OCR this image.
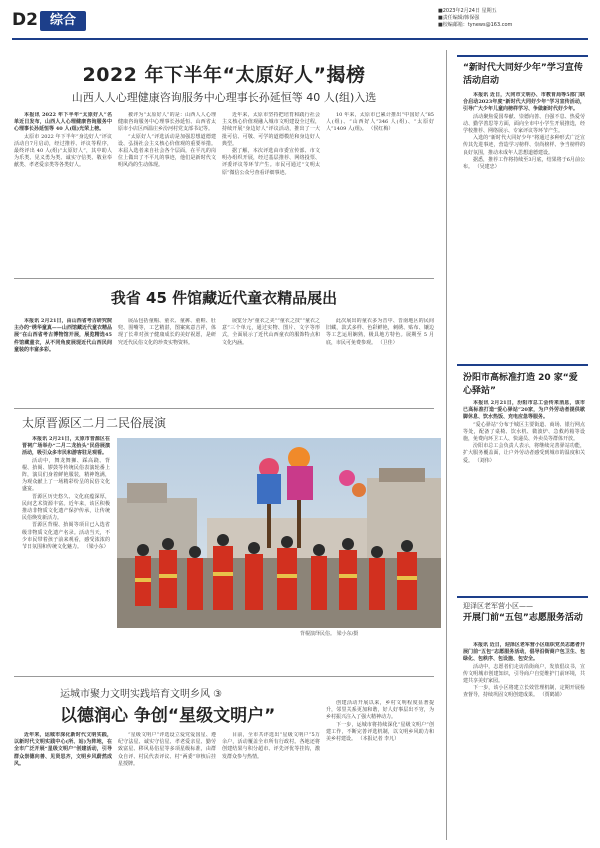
D2 综合
■2023年2月24日 星期五
■责任编辑/韩保强
■校编邮箱：tynews@163.com
2022 年下半年“太原好人”揭榜
山西人人心理健康咨询服务中心理事长孙延恒等 40 人(组)入选

本报讯 2022 年下半年“太原好人”名单近日发布，山西人人心理健康咨询服务中心理事长孙延恒等 40 人(组)光荣上榜。

太原市 2022 年下半年“身边好人”评议活动自7月启动，经过推荐、评议等程序，最终评出 40 人(组)“太原好人”，其中助人为乐类、见义勇为类、诚实守信类、敬业奉献类、孝老爱亲类等各类好人。

被评为“太原好人”的是：山西人人心理健康咨询服务中心理事长孙延恒、山西省太原市小店区西温庄乡汾河村党支部书记等。

“太原好人”评选活动是加强思想道德建设、弘扬社会主义核心价值观的重要举措。本届入选者来自社会各个层面，在平凡的岗位上做出了不平凡的事迹，他们是新时代文明风尚的生动体现。

近年来，太原市坚持把培育和践行社会主义核心价值观融入城市文明建设全过程，持续开展“身边好人”评议活动，推出了一大批可信、可敬、可学的道德模范和身边好人典型。

据了解，本次评选由市委宣传部、市文明办组织开展，经过基层推荐、网络投票、评委评议等环节产生。市民可通过“文明太原”微信公众号查看详细事迹。

10 年来，太原市已累计推出“中国好人”85 人(组)、“山西好人”346 人(组)、“太原好人”1409 人(组)。 （侯红梅）

我省 45 件馆藏近代童衣精品展出

本报讯 2月21日，由山西省考古研究院主办的“绣华童真——山西馆藏近代童衣精品展”在山西省考古博物馆开展，展览精选45件馆藏童衣，从不同角度展现近代山西民间童装的丰富多彩。

展品包括童帽、童衣、童裤、童鞋、肚兜、围嘴等，工艺精湛，图案寓意吉祥，体现了长辈对孩子健康成长的美好祝愿，是研究近代民俗文化的珍贵实物资料。

展览分为“童衣之美”“童衣之技”“童衣之意”三个单元，通过实物、图片、文字等形式，全面展示了近代山西童衣的服饰特点和文化内涵。

此次展出的童衣多为晋中、晋南地区的民间旧藏，款式多样、色彩鲜艳，刺绣、贴布、镶边等工艺运用娴熟，极具地方特色。展期至 5 月底，市民可免费参观。 （卫佳）

太原晋源区二月二民俗展演

本报讯 2月21日，太原市晋源区在晋祠广场举办“二月二龙抬头”民俗展演活动，吸引众多市民和游客驻足观看。

活动中，舞龙舞狮、踩高跷、背棍、抬阁、锣鼓等传统民俗表演轮番上阵，演员们身着鲜艳服装，精神饱满，为观众献上了一场精彩纷呈的民俗文化盛宴。

晋源区历史悠久、文化底蕴深厚，民间艺术资源丰富。近年来，该区积极推动非物质文化遗产保护传承，让传统民俗焕发新活力。

晋源区背棍、抬阁等项目已入选省级非物质文化遗产名录。活动当天，不少市民带着孩子前来观看，感受浓浓的节日氛围和传统文化魅力。 （梁小东）

背棍演绎民俗。 梁小东/摄
运城市聚力文明实践培育文明乡风 ③
以德润心 争创“星级文明户”

近年来，运城市深化新时代文明实践，以新时代文明实践中心(所、站)为阵地，在全市广泛开展“星级文明户”创建活动，引导群众崇德向善、见贤思齐，文明乡风蔚然成风。

“星级文明户”评选设立爱党爱国星、遵纪守法星、诚实守信星、孝老爱亲星、勤劳致富星、移风易俗星等多项星级标准，由群众自评、村民代表评议、村“两委”审核后挂星授牌。

目前，全市共评选出“星级文明户”5万余户，活动覆盖全市所有行政村。各地还将创建结果与积分超市、评先评优等挂钩，激发群众参与热情。

创建活动开展以来，乡村文明程度显著提升，邻里关系更加和谐，好人好事层出不穷，为乡村振兴注入了强大精神动力。

下一步，运城市将持续深化“星级文明户”创建工作，不断完善评选机制，以文明乡风助力和美乡村建设。 （本报记者 李凡）

“新时代大同好少年”学习宣传活动启动

本报讯 近日，大同市文明办、市教育局等5部门联合启动2023年度“新时代大同好少年”学习宣传活动，引导广大少年儿童向榜样学习、争做新时代好少年。

活动聚焦爱国奉献、崇德向善、自强不息、热爱劳动、勤学善思等方面，面向全市中小学生开展推选，经学校推荐、网络展示、专家评议等环节产生。

入选的“新时代大同好少年”将通过多种形式广泛宣传其先进事迹，营造学习榜样、崇尚榜样、争当榜样的良好氛围，推动未成年人思想道德建设。

据悉，推荐工作将持续至3月底，结果将于6月前公布。 （吴建忠）

汾阳市高标准打造 20 家“爱心驿站”

本报讯 2月21日，汾阳市总工会传来消息，该市已高标准打造“爱心驿站”20家，为户外劳动者提供歇脚休息、饮水热饭、充电应急等服务。

“爱心驿站”分布于城区主要街道、商场、银行网点等处，配备了桌椅、饮水机、微波炉、急救药箱等设施，免费向环卫工人、快递员、外卖员等群体开放。

汾阳市总工会负责人表示，将继续完善驿站功能，扩大服务覆盖面，让户外劳动者感受到城市的温度和关爱。 （刘伟）

迎泽区老军营小区——
开展门前“五包”志愿服务活动

本报讯 近日，迎泽区老军营小区组织党员志愿者开展门前“五包”志愿服务活动，倡导沿街商户包卫生、包绿化、包秩序、包设施、包安全。

活动中，志愿者们走访沿街商户，发放倡议书，宣传文明城市创建知识，引导商户自觉维护门前环境，共建共享美好家园。

下一步，该小区将建立长效管理机制，定期开展检查督导，持续巩固文明创建成果。 （贾鹤娟）
